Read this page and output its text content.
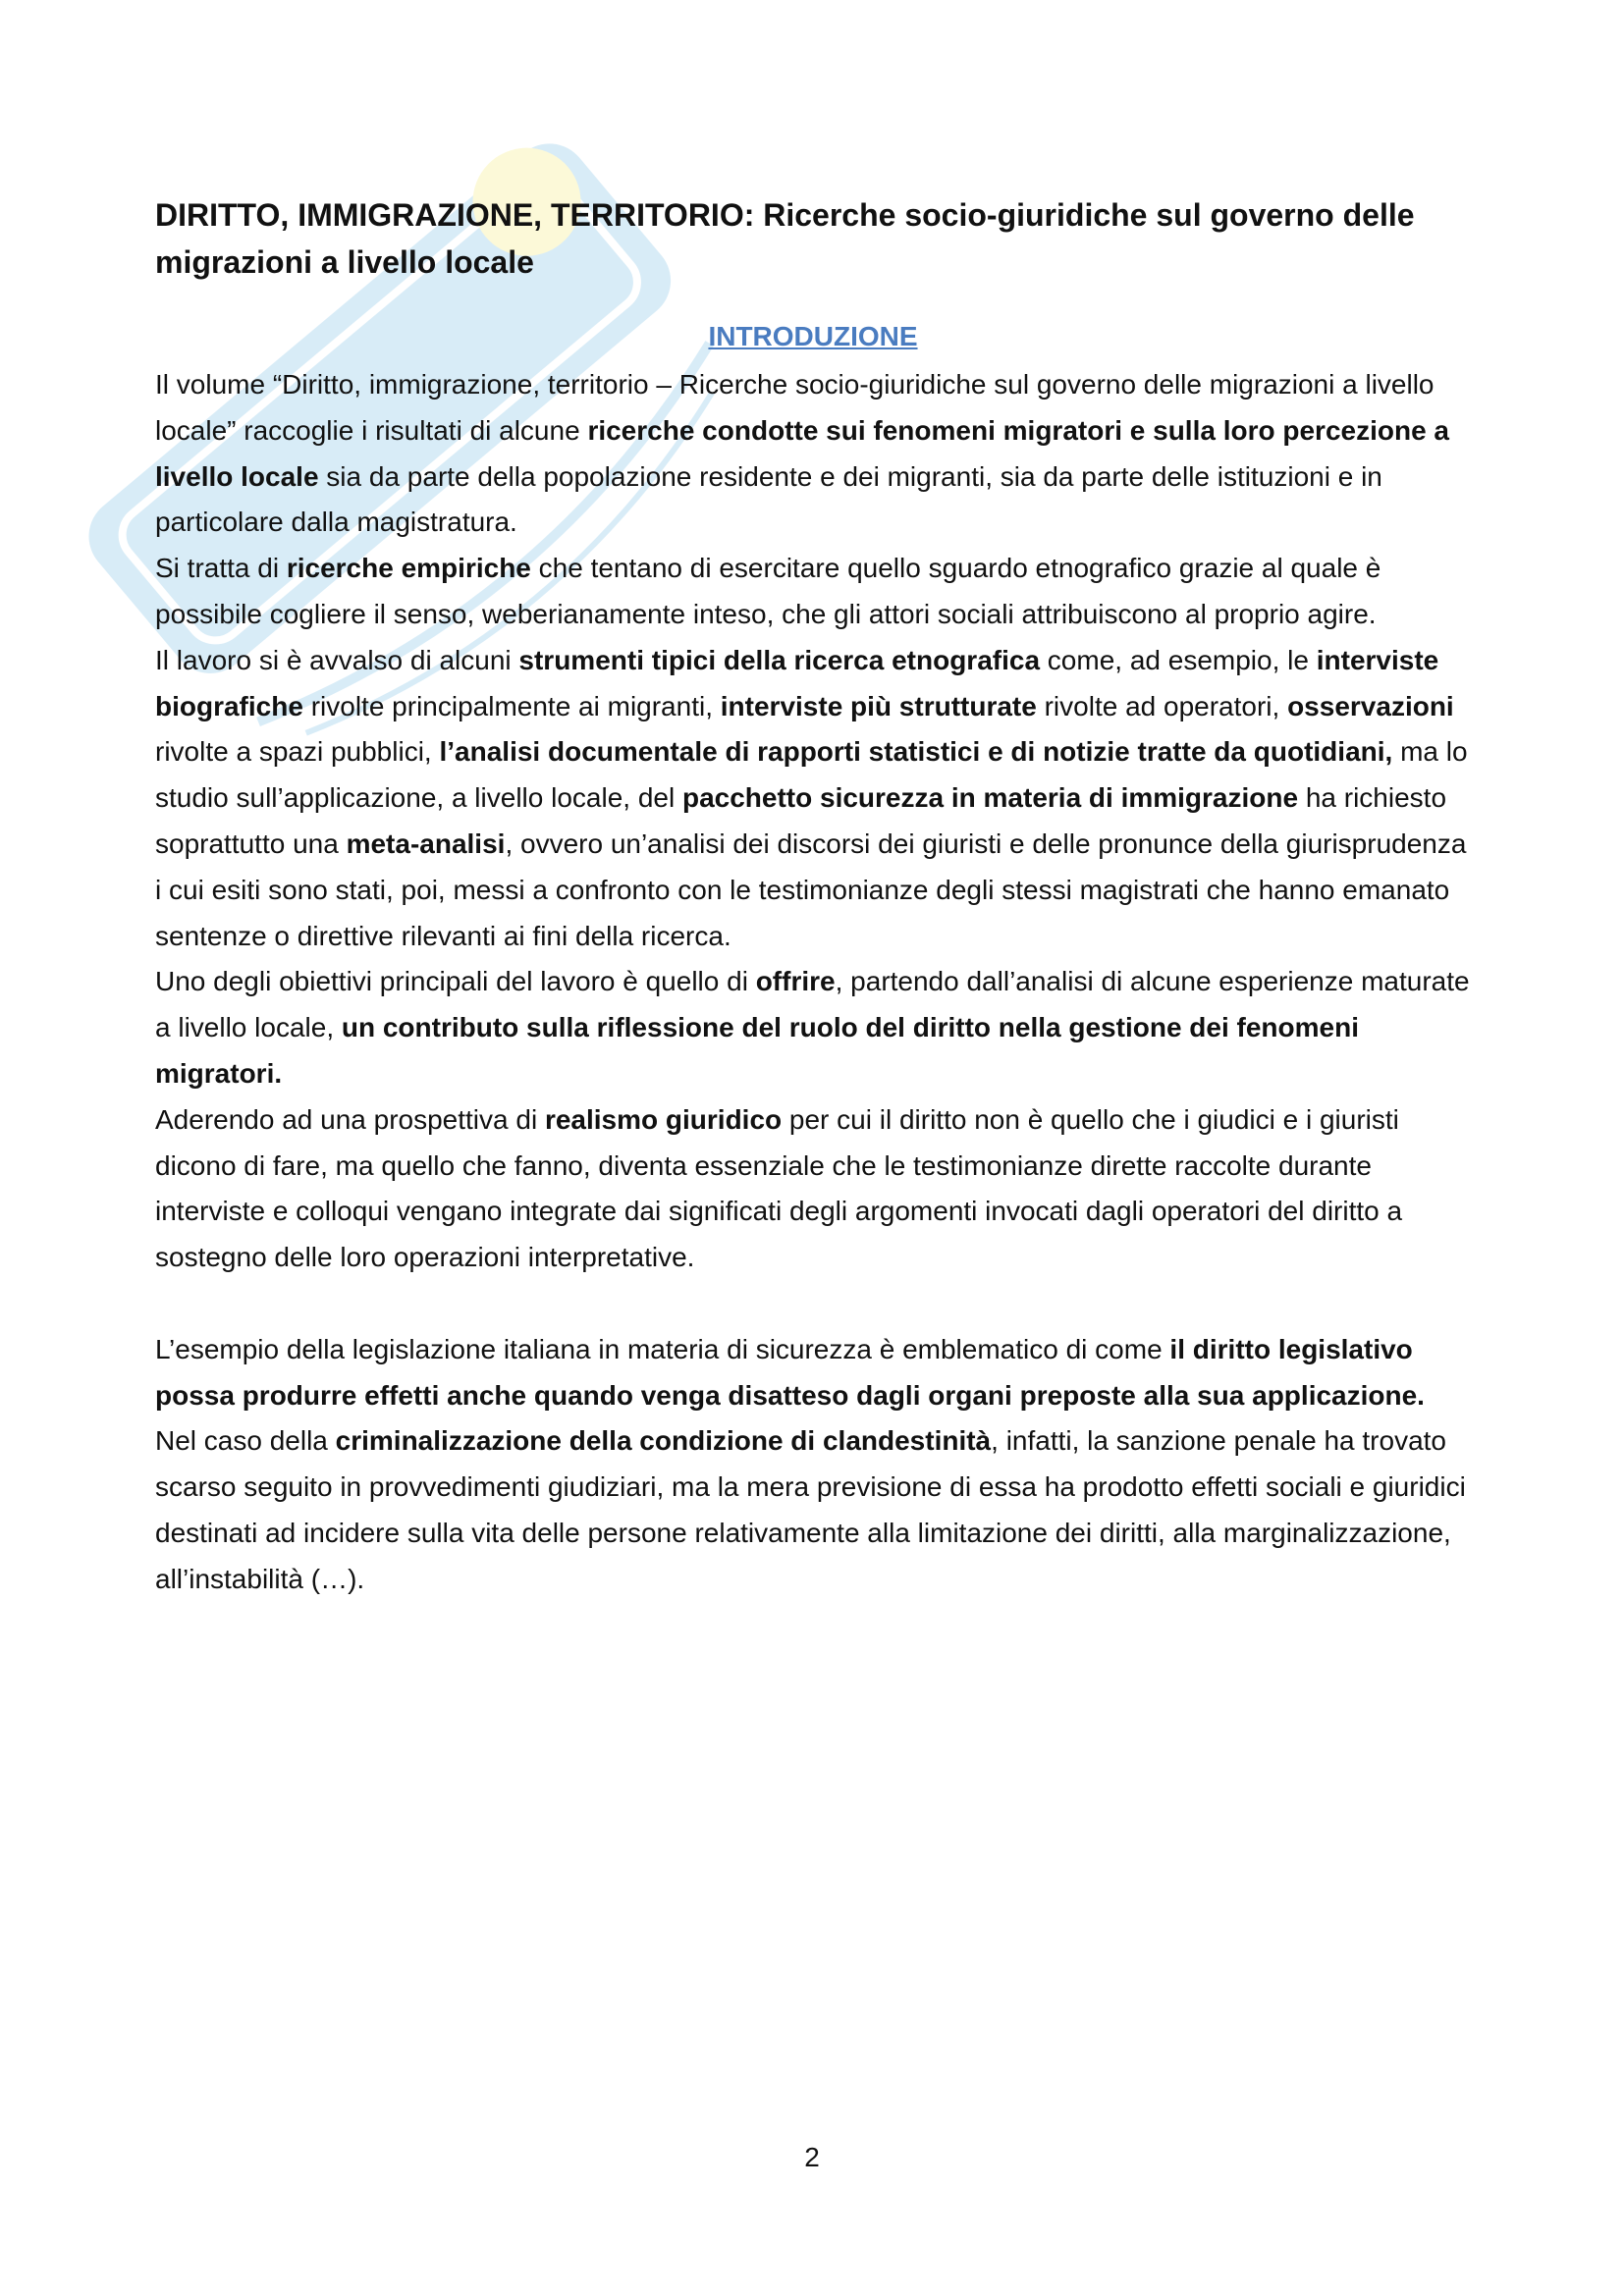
DIRITTO, IMMIGRAZIONE, TERRITORIO: Ricerche socio-giuridiche sul governo delle migrazioni a livello locale
INTRODUZIONE

Il volume “Diritto, immigrazione, territorio – Ricerche socio-giuridiche sul governo delle migrazioni a livello locale” raccoglie i risultati di alcune ricerche condotte sui fenomeni migratori e sulla loro percezione a livello locale sia da parte della popolazione residente e dei migranti, sia da parte delle istituzioni e in particolare dalla magistratura.

Si tratta di ricerche empiriche che tentano di esercitare quello sguardo etnografico grazie al quale è possibile cogliere il senso, weberianamente inteso, che gli attori sociali attribuiscono al proprio agire.

Il lavoro si è avvalso di alcuni strumenti tipici della ricerca etnografica come, ad esempio, le interviste biografiche rivolte principalmente ai migranti, interviste più strutturate rivolte ad operatori, osservazioni rivolte a spazi pubblici, l’analisi documentale di rapporti statistici e di notizie tratte da quotidiani, ma lo studio sull’applicazione, a livello locale, del pacchetto sicurezza in materia di immigrazione ha richiesto soprattutto una meta-analisi, ovvero un’analisi dei discorsi dei giuristi e delle pronunce della giurisprudenza i cui esiti sono stati, poi, messi a confronto con le testimonianze degli stessi magistrati che hanno emanato sentenze o direttive rilevanti ai fini della ricerca.

Uno degli obiettivi principali del lavoro è quello di offrire, partendo dall’analisi di alcune esperienze maturate a livello locale, un contributo sulla riflessione del ruolo del diritto nella gestione dei fenomeni migratori.

Aderendo ad una prospettiva di realismo giuridico per cui il diritto non è quello che i giudici e i giuristi dicono di fare, ma quello che fanno, diventa essenziale che le testimonianze dirette raccolte durante interviste e colloqui vengano integrate dai significati degli argomenti invocati dagli operatori del diritto a sostegno delle loro operazioni interpretative.

L’esempio della legislazione italiana in materia di sicurezza è emblematico di come il diritto legislativo possa produrre effetti anche quando venga disatteso dagli organi preposte alla sua applicazione.

Nel caso della criminalizzazione della condizione di clandestinità, infatti, la sanzione penale ha trovato scarso seguito in provvedimenti giudiziari, ma la mera previsione di essa ha prodotto effetti sociali e giuridici destinati ad incidere sulla vita delle persone relativamente alla limitazione dei diritti, alla marginalizzazione, all’instabilità (…).

2
